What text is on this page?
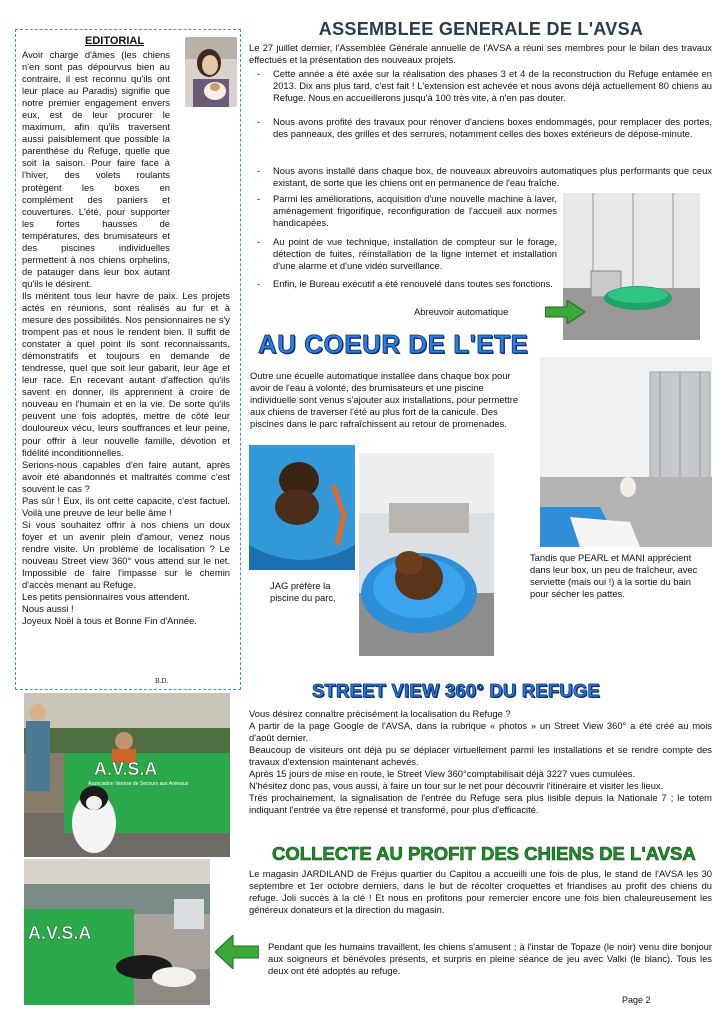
EDITORIAL

Avoir charge d'âmes (les chiens n'en sont pas dépourvus bien au contraire, il est reconnu qu'ils ont leur place au Paradis) signifie que notre premier engagement envers eux, est de leur procurer le maximum, afin qu'ils traversent aussi paisiblement que possible la parenthèse du Refuge, quelle que soit la saison. Pour faire face à l'hiver, des volets roulants protègent les boxes en complément des paniers et couvertures. L'été, pour supporter les fortes hausses de températures, des brumisateurs et des piscines individuelles permettent à nos chiens orphelins, de patauger dans leur box autant qu'ils le désirent.

Ils méritent tous leur havre de paix. Les projets actés en réunions, sont réalisés au fur et à mesure des possibilités. Nos pensionnaires ne s'y trompent pas et nous le rendent bien. Il suffit de constater à quel point ils sont reconnaissants, démonstratifs et toujours en demande de tendresse, quel que soit leur gabarit, leur âge et leur race. En recevant autant d'affection qu'ils savent en donner, ils apprennent à croire de nouveau en l'humain et en la vie. De sorte qu'ils peuvent une fois adoptés, mettre de côté leur douloureux vécu, leurs souffrances et leur peine, pour offrir à leur nouvelle famille, dévotion et fidélité inconditionnelles.

Serions-nous capables d'en faire autant, après avoir été abandonnés et maltraités comme c'est souvent le cas ?

Pas sûr ! Eux, ils ont cette capacité, c'est factuel. Voilà une preuve de leur belle âme !

Si vous souhaitez offrir à nos chiens un doux foyer et un avenir plein d'amour, venez nous rendre visite. Un problème de localisation ? Le nouveau Street view 360° vous attend sur le net. Impossible de faire l'impasse sur le chemin d'accès menant au Refuge.

Les petits pensionnaires vous attendent.

Nous aussi !

Joyeux Noël à tous et Bonne Fin d'Année.

B.D.
ASSEMBLEE GENERALE DE L'AVSA
Le 27 juillet dernier, l'Assemblée Générale annuelle de l'AVSA a réuni ses membres pour le bilan des travaux effectués et la présentation des nouveaux projets.
- Cette année a été axée sur la réalisation des phases 3 et 4 de la reconstruction du Refuge entamée en 2013. Dix ans plus tard, c'est fait ! L'extension est achevée et nous avons déjà actuellement 80 chiens au Refuge. Nous en accueillerons jusqu'à 100 très vite, à n'en pas douter.
- Nous avons profité des travaux pour rénover d'anciens boxes endommagés, pour remplacer des portes, des panneaux, des grilles et des serrures, notamment celles des boxes extérieurs de dépose-minute.
- Nous avons installé dans chaque box, de nouveaux abreuvoirs automatiques plus performants que ceux existant, de sorte que les chiens ont en permanence de l'eau fraîche.
- Parmi les améliorations, acquisition d'une nouvelle machine à laver, aménagement frigorifique, reconfiguration de l'accueil aux normes handicapées.
- Au point de vue technique, installation de compteur sur le forage, détection de fuites, réinstallation de la ligne internet et installation d'une alarme et d'une vidéo surveillance.
- Enfin, le Bureau exécutif a été renouvelé dans toutes ses fonctions.
Abreuvoir automatique
AU COEUR DE L'ETE
Outre une écuelle automatique installée dans chaque box pour avoir de l'eau à volonté, des brumisateurs et une piscine individuelle sont venus s'ajouter aux installations, pour permettre aux chiens de traverser l'été au plus fort de la canicule. Des piscines dans le parc rafraîchissent au retour de promenades.
JAG préfère la piscine du parc,
Tandis que PEARL et MANI apprécient dans leur box, un peu de fraîcheur, avec serviette (mais oui !) à la sortie du bain pour sécher les pattes.
A.V.S.A
Association Varoise de Secours aux Animaux
A.V.S.A
STREET VIEW 360° DU REFUGE
Vous désirez connaître précisément la localisation du Refuge ?
A partir de la page Google de l'AVSA, dans la rubrique « photos » un Street View 360° a été créé au mois d'août dernier.
Beaucoup de visiteurs ont déjà pu se déplacer virtuellement parmi les installations et se rendre compte des travaux d'extension maintenant achevés.
Après 15 jours de mise en route, le Street View 360°comptabilisait déjà 3227 vues cumulées.
N'hésitez donc pas, vous aussi, à faire un tour sur le net pour découvrir l'itinéraire et visiter les lieux.
Très prochainement, la signalisation de l'entrée du Refuge sera plus lisible depuis la Nationale 7 ; le totem indiquant l'entrée va être repensé et transformé, pour plus d'efficacité.
COLLECTE AU PROFIT DES CHIENS DE L'AVSA
Le magasin JARDILAND de Fréjus quartier du Capitou a accueilli une fois de plus, le stand de l'AVSA les 30 septembre et 1er octobre derniers, dans le but de récolter croquettes et friandises au profit des chiens du refuge. Joli succès à la clé ! Et nous en profitons pour remercier encore une fois bien chaleureusement les généreux donateurs et la direction du magasin.
Pendant que les humains travaillent, les chiens s'amusent ; à l'instar de Topaze (le noir) venu dire bonjour aux soigneurs et bénévoles présents, et surpris en pleine séance de jeu avec Valki (le blanc). Tous les deux ont été adoptés au refuge.
Page 2
